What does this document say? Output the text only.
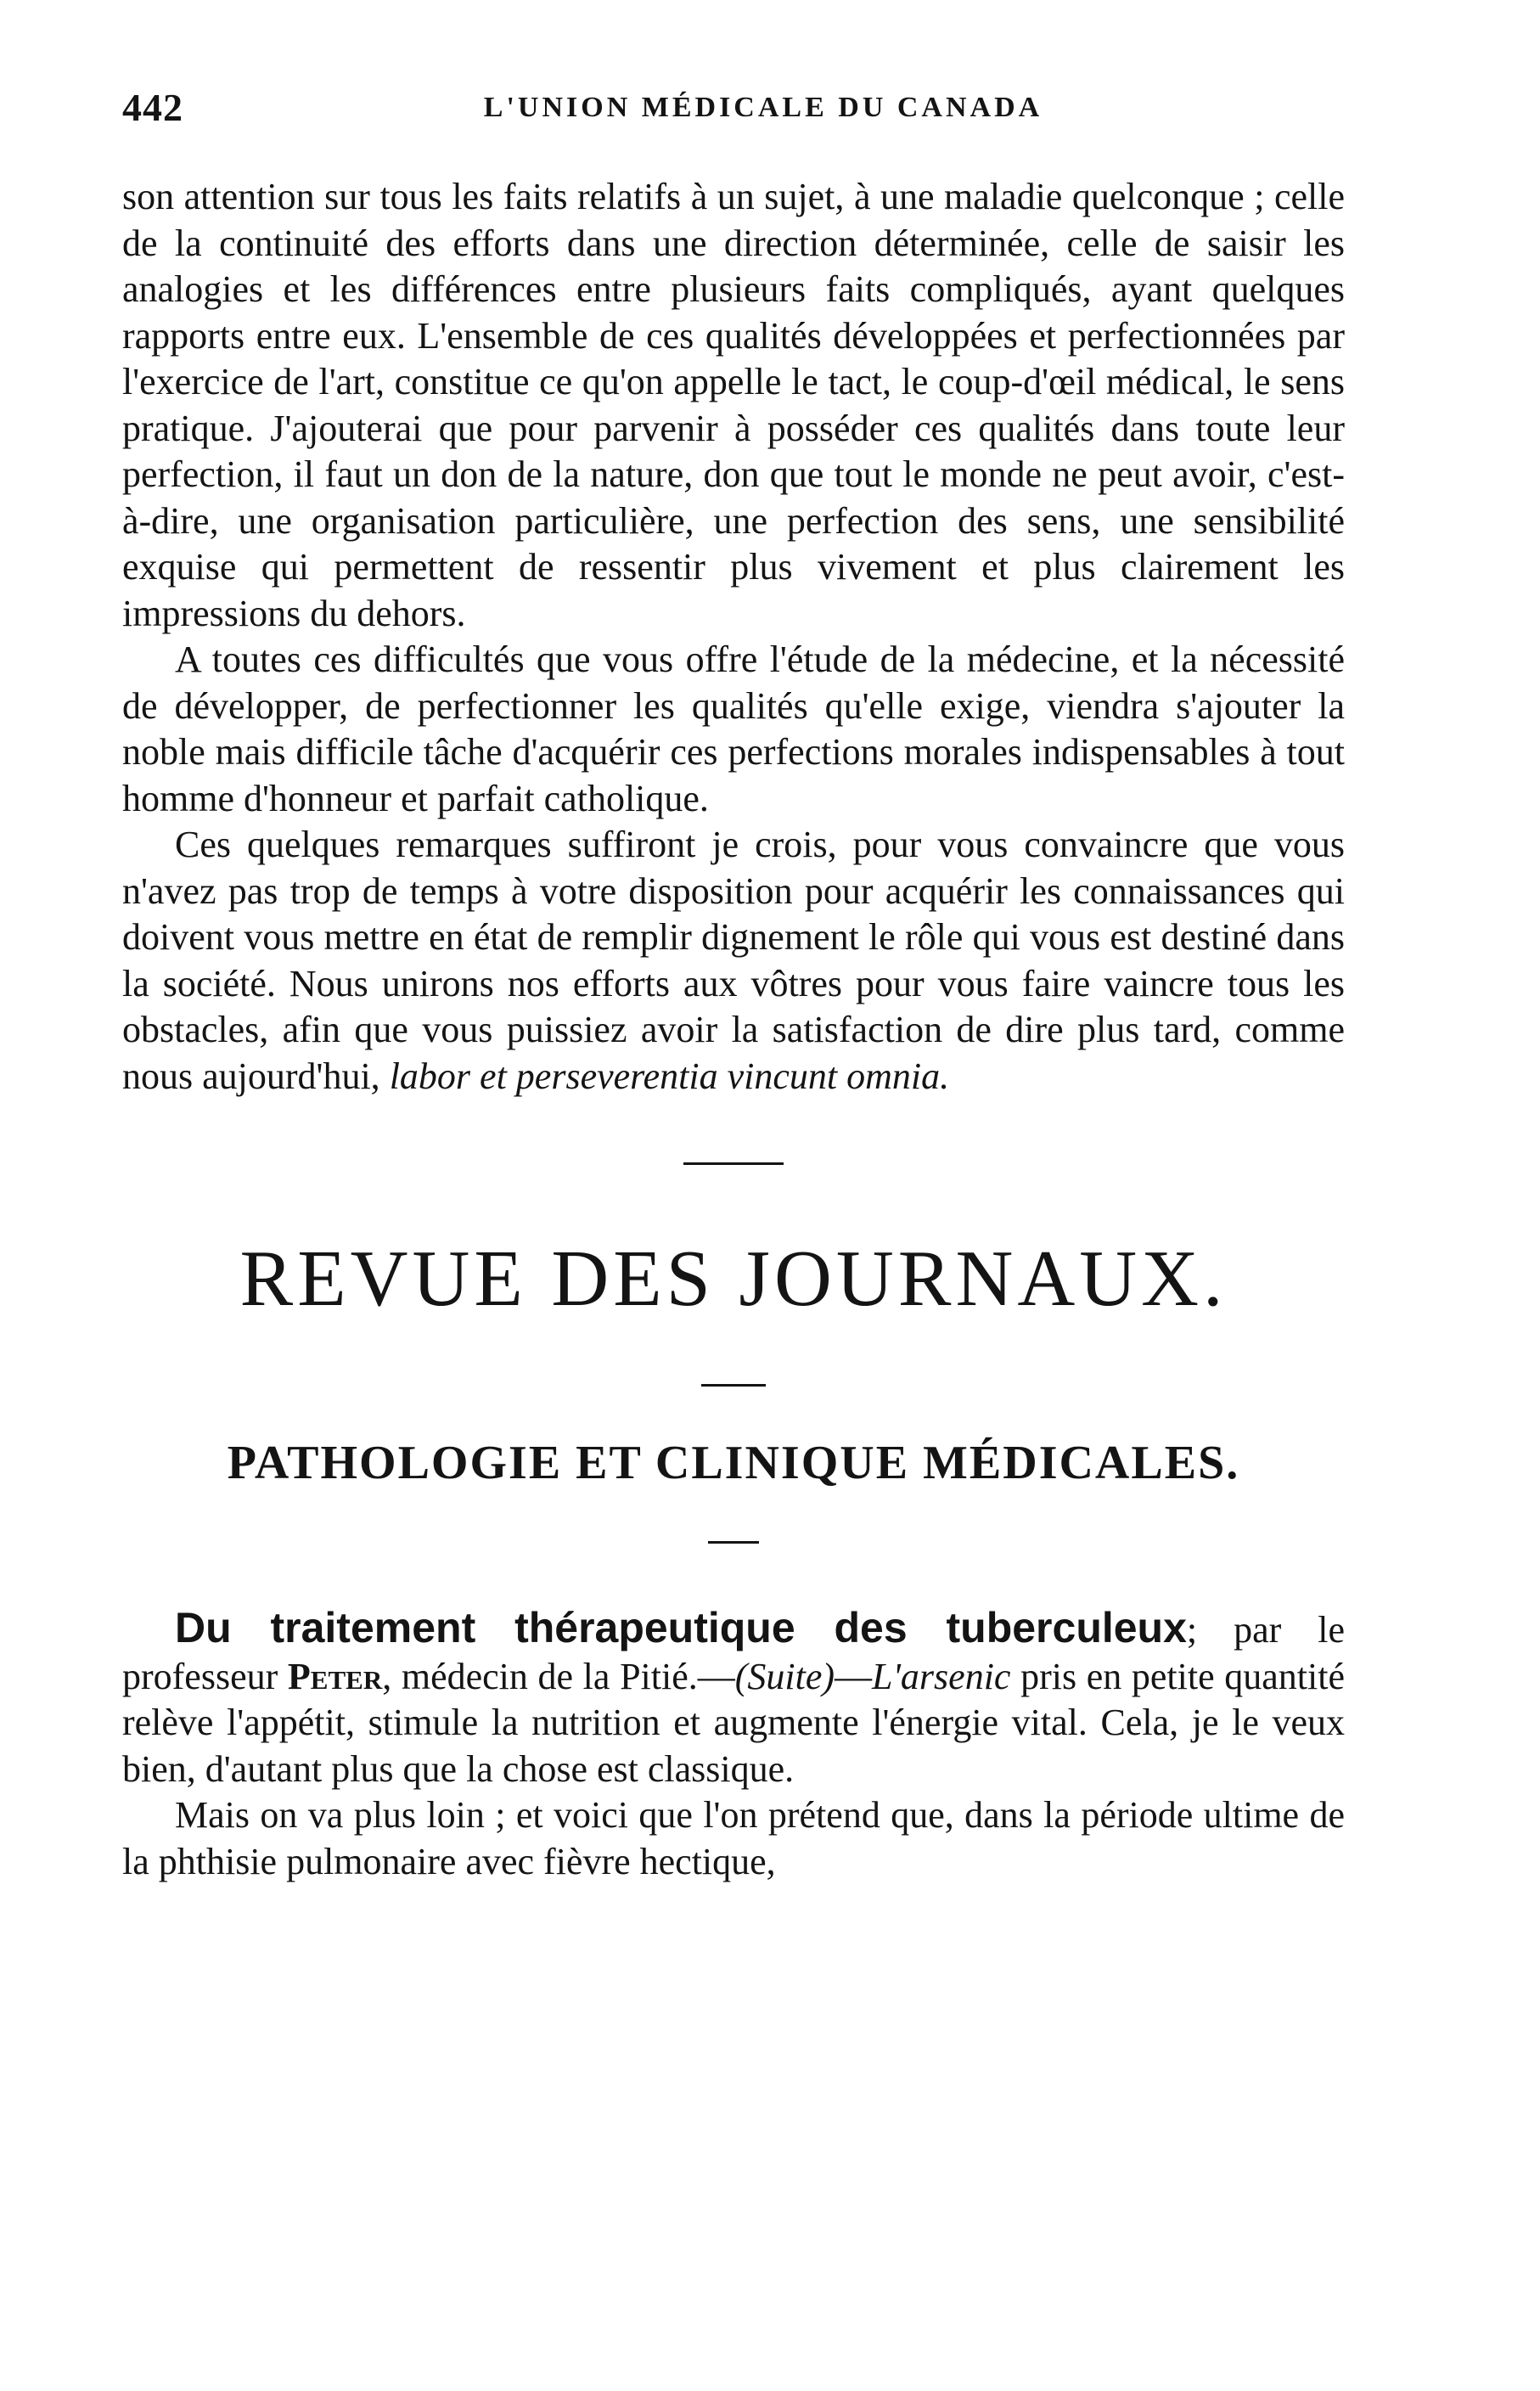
442	L'UNION MÉDICALE DU CANADA

son attention sur tous les faits relatifs à un sujet, à une maladie quelconque ; celle de la continuité des efforts dans une direction déterminée, celle de saisir les analogies et les différences entre plusieurs faits compliqués, ayant quelques rapports entre eux. L'ensemble de ces qualités développées et perfectionnées par l'exercice de l'art, constitue ce qu'on appelle le tact, le coup-d'œil médical, le sens pratique. J'ajouterai que pour parvenir à posséder ces qualités dans toute leur perfection, il faut un don de la nature, don que tout le monde ne peut avoir, c'est-à-dire, une organisation particulière, une perfection des sens, une sensibilité exquise qui permettent de ressentir plus vivement et plus clairement les impressions du dehors.

A toutes ces difficultés que vous offre l'étude de la médecine, et la nécessité de développer, de perfectionner les qualités qu'elle exige, viendra s'ajouter la noble mais difficile tâche d'acquérir ces perfections morales indispensables à tout homme d'honneur et parfait catholique.

Ces quelques remarques suffiront je crois, pour vous convaincre que vous n'avez pas trop de temps à votre disposition pour acquérir les connaissances qui doivent vous mettre en état de remplir dignement le rôle qui vous est destiné dans la société. Nous unirons nos efforts aux vôtres pour vous faire vaincre tous les obstacles, afin que vous puissiez avoir la satisfaction de dire plus tard, comme nous aujourd'hui, labor et perseverentia vincunt omnia.

REVUE DES JOURNAUX.
PATHOLOGIE ET CLINIQUE MÉDICALES.

Du traitement thérapeutique des tuberculeux; par le professeur Peter, médecin de la Pitié.—(Suite)—L'arsenic pris en petite quantité relève l'appétit, stimule la nutrition et augmente l'énergie vital. Cela, je le veux bien, d'autant plus que la chose est classique.

Mais on va plus loin ; et voici que l'on prétend que, dans la période ultime de la phthisie pulmonaire avec fièvre hectique,
